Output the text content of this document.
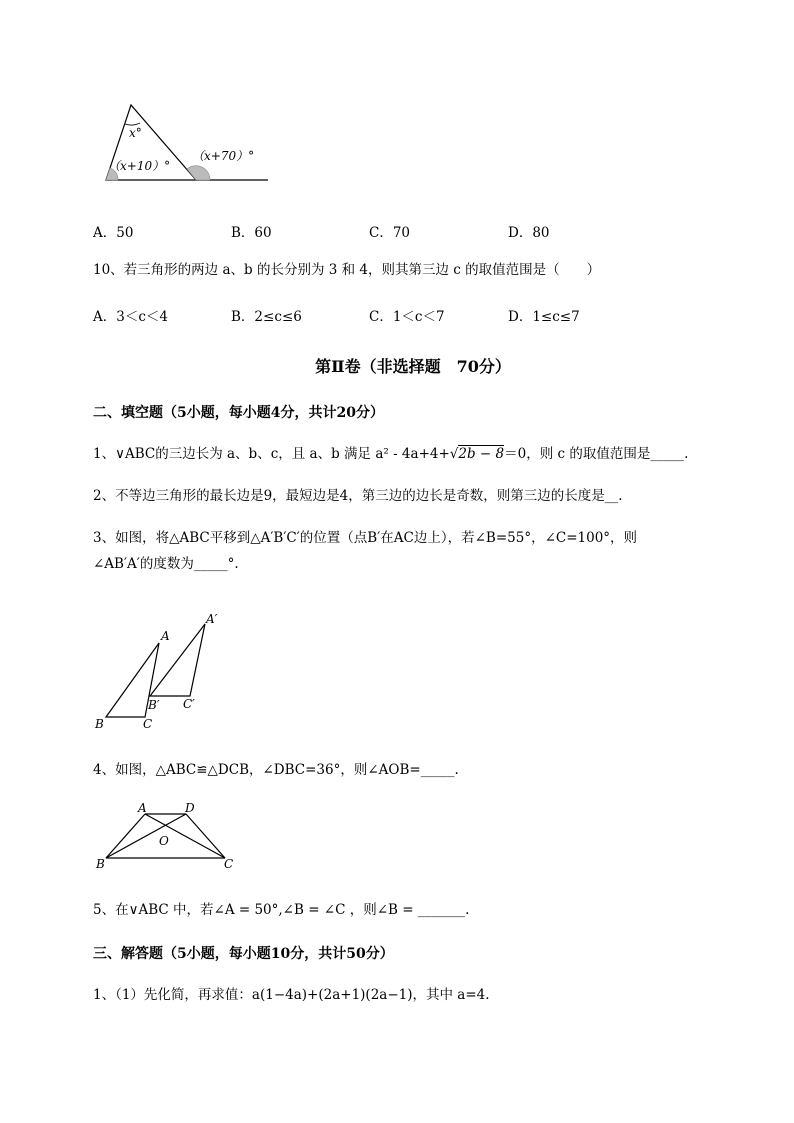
x°
（x+10）°
（x+70）°
A．50	B．60	C．70	D．80
10、若三角形的两边 a、b 的长分别为 3 和 4，则其第三边 c 的取值范围是（　　）
A．3＜c＜4	B．2≤c≤6	C．1＜c＜7	D．1≤c≤7
第Ⅱ卷（非选择题　70分）
二、填空题（5小题，每小题4分，共计20分）
1、∨ABC的三边长为 a、b、c，且 a、b 满足 a² - 4a+4+√2b − 8＝0，则 c 的取值范围是_____.
2、不等边三角形的最长边是9，最短边是4，第三边的边长是奇数，则第三边的长度是__.
3、如图，将△ABC平移到△A′B′C′的位置（点B′在AC边上），若∠B=55°，∠C=100°，则
∠AB′A′的度数为_____°.
A
A′
B	C
B′ C′
4、如图，△ABC≌△DCB，∠DBC=36°，则∠AOB=_____.
A	D
O
B	C
5、在∨ABC 中，若∠A = 50°,∠B = ∠C ，则∠B = _______.
三、解答题（5小题，每小题10分，共计50分）
1、（1）先化简，再求值：a(1−4a)+(2a+1)(2a−1)，其中 a=4.
